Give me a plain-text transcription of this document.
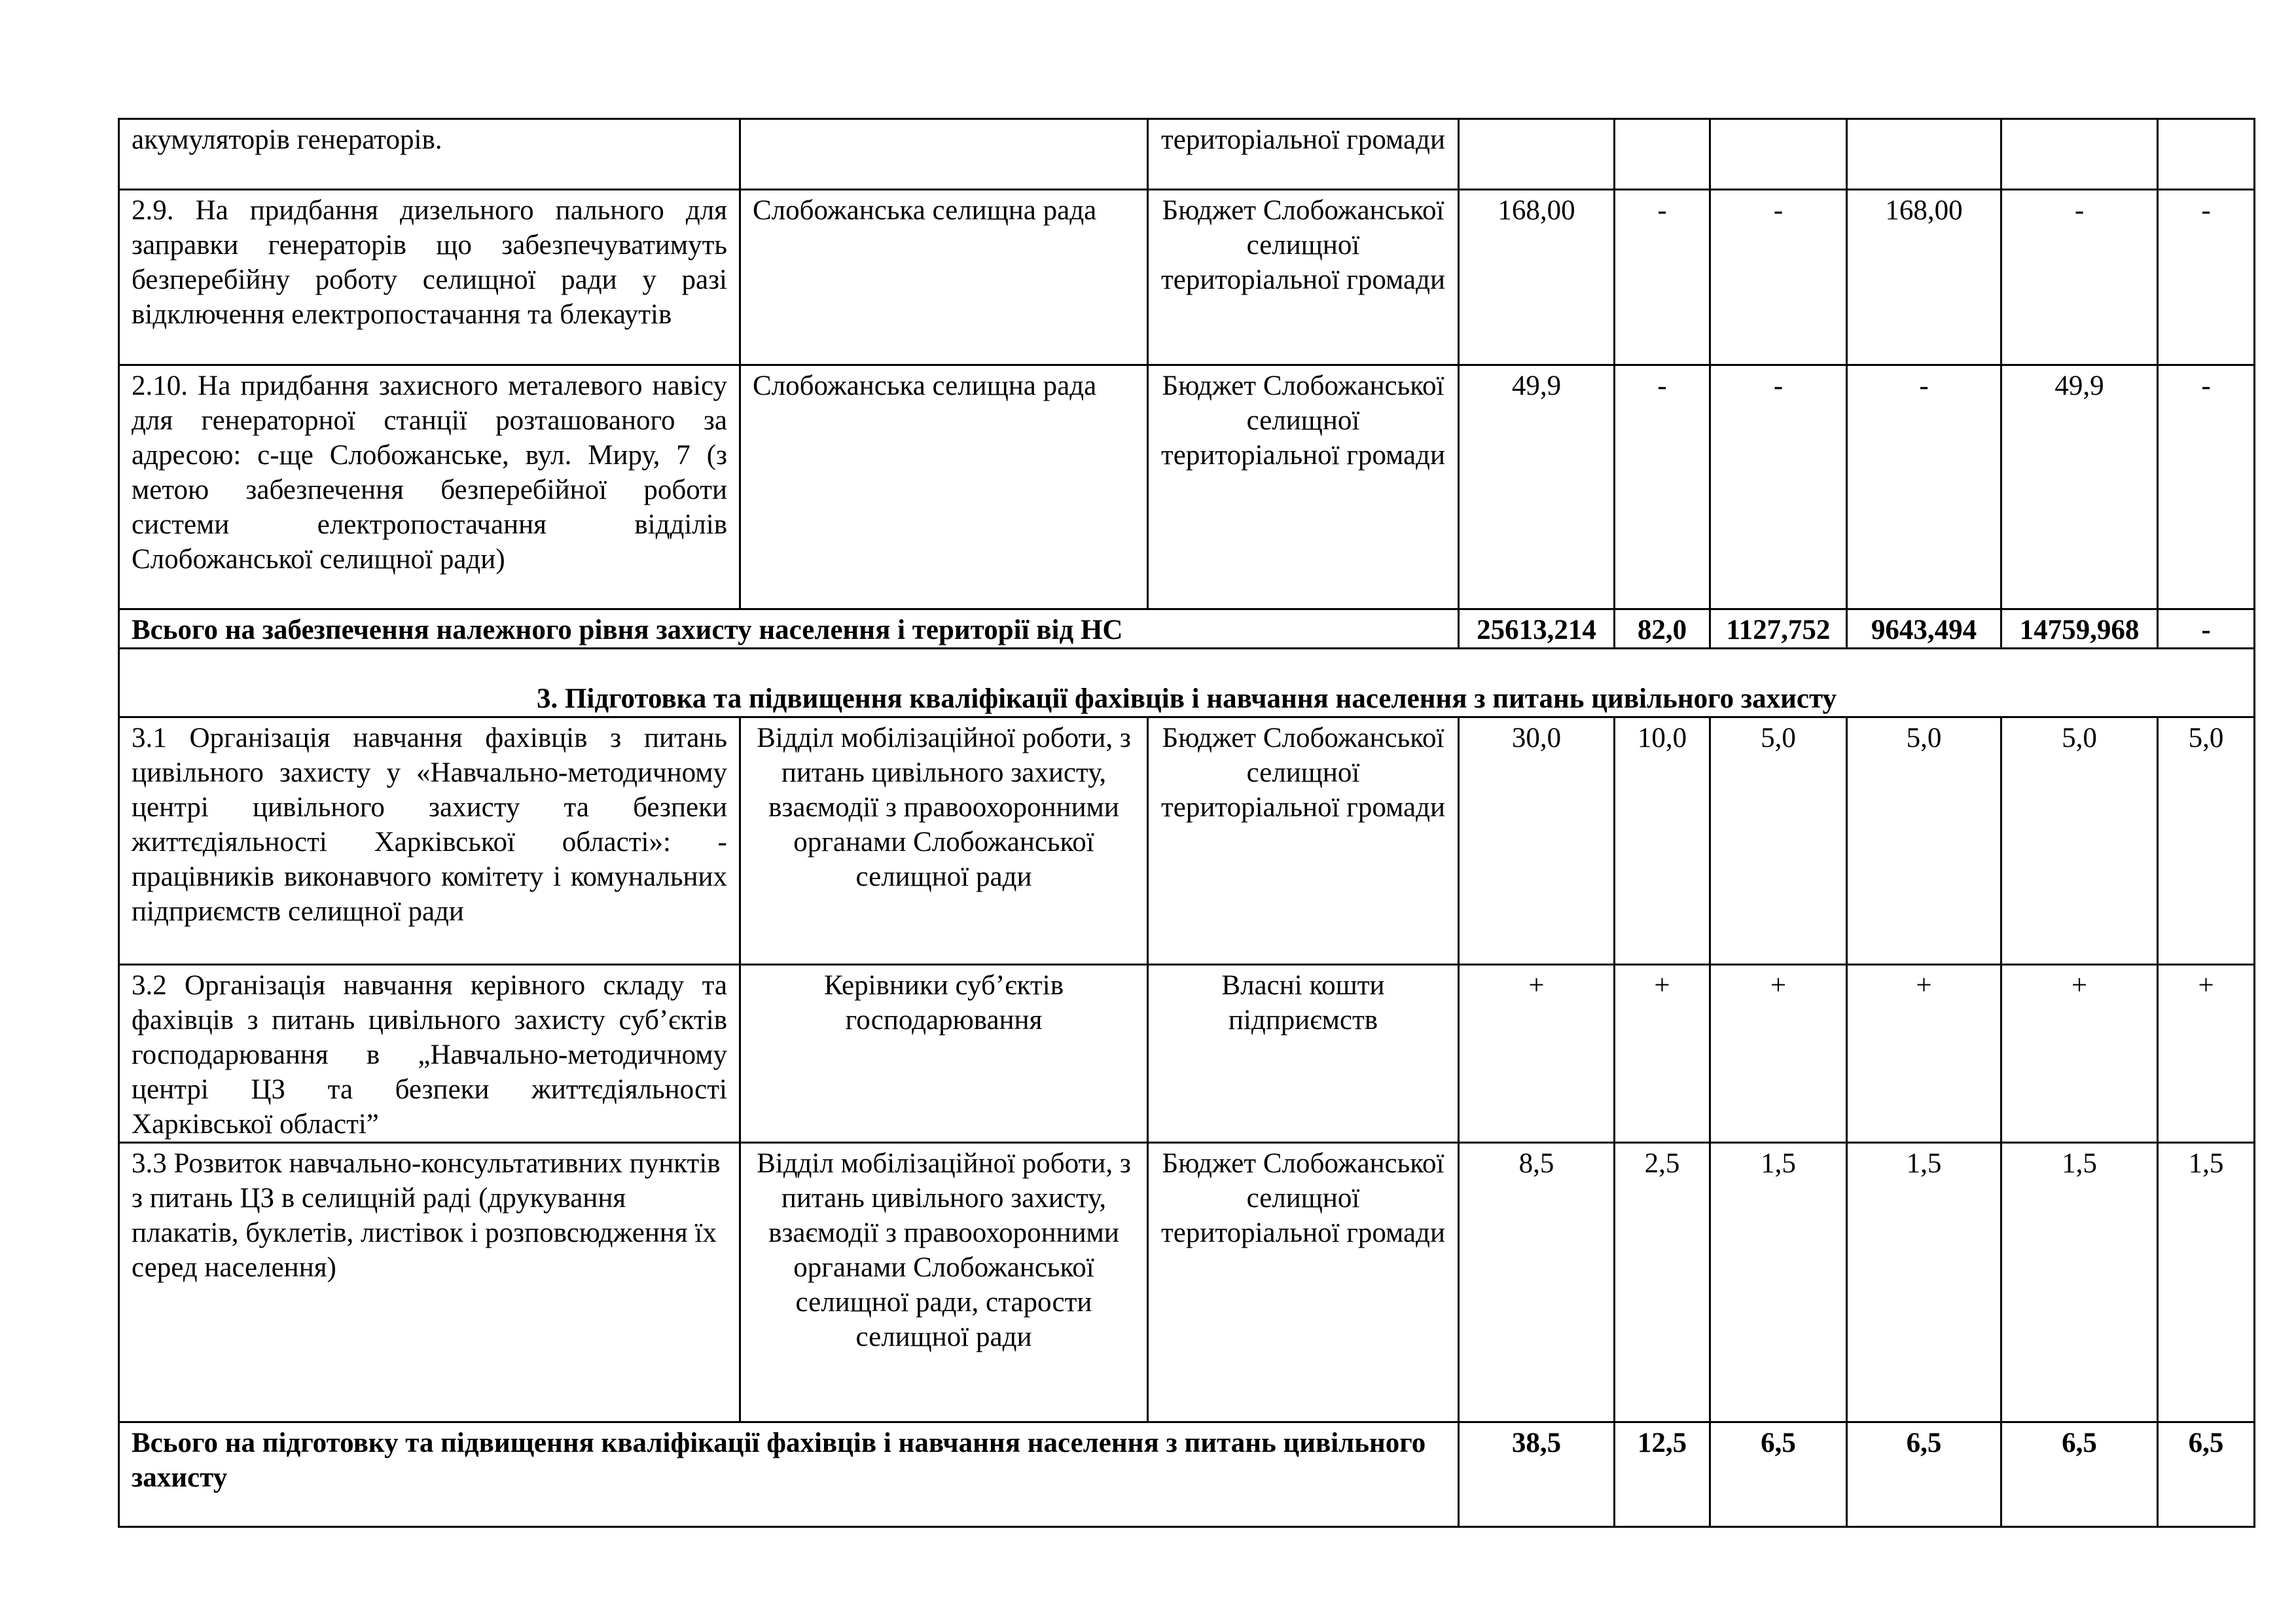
акумуляторів генераторів.		територіальної громади						
2.9. На придбання дизельного пального для заправки генераторів що забезпечуватимуть безперебійну роботу селищної ради у разі відключення електропостачання та блекаутів	Слобожанська селищна рада	Бюджет Слобожанської селищної територіальної громади	168,00	-	-	168,00	-	-
2.10. На придбання захисного металевого навісу для генераторної станції розташованого за адресою: с-ще Слобожанське, вул. Миру, 7 (з метою забезпечення безперебійної роботи системи електропостачання відділів Слобожанської селищної ради)	Слобожанська селищна рада	Бюджет Слобожанської селищної територіальної громади	49,9	-	-	-	49,9	-
Всього на забезпечення належного рівня захисту населення і території від НС			25613,214	82,0	1127,752	9643,494	14759,968	-
3. Підготовка та підвищення кваліфікації фахівців і навчання населення з питань цивільного захисту								
3.1 Організація навчання фахівців з питань цивільного захисту у «Навчально-методичному центрі цивільного захисту та безпеки життєдіяльності Харківської області»: - працівників виконавчого комітету і комунальних підприємств селищної ради	Відділ мобілізаційної роботи, з питань цивільного захисту, взаємодії з правоохоронними органами Слобожанської селищної ради	Бюджет Слобожанської селищної територіальної громади	30,0	10,0	5,0	5,0	5,0	5,0
3.2 Організація навчання керівного складу та фахівців з питань цивільного захисту суб’єктів господарювання в „Навчально-методичному центрі ЦЗ та безпеки життєдіяльності Харківської області”	Керівники суб’єктів господарювання	Власні кошти підприємств	+	+	+	+	+	+
3.3 Розвиток навчально-консультативних пунктів з питань ЦЗ в селищній раді (друкування плакатів, буклетів, листівок і розповсюдження їх серед населення)	Відділ мобілізаційної роботи, з питань цивільного захисту, взаємодії з правоохоронними органами Слобожанської селищної ради, старости селищної ради	Бюджет Слобожанської селищної територіальної громади	8,5	2,5	1,5	1,5	1,5	1,5
Всього на підготовку та підвищення кваліфікації фахівців і навчання населення з питань цивільного захисту			38,5	12,5	6,5	6,5	6,5	6,5
